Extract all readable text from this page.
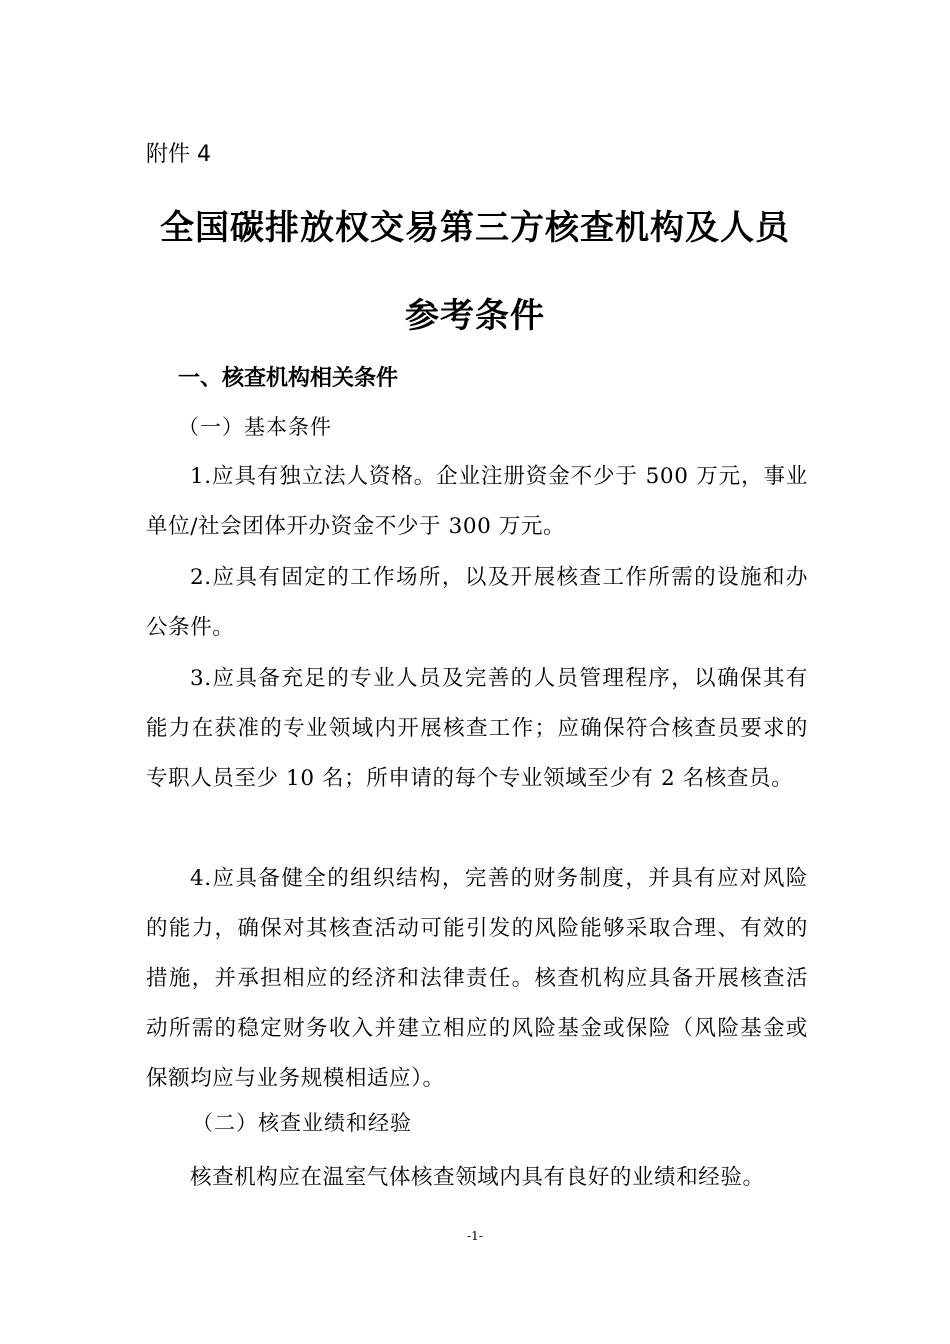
附件 4
全国碳排放权交易第三方核查机构及人员
参考条件
一、核查机构相关条件
（一）基本条件
1.应具有独立法人资格。企业注册资金不少于 500 万元，事业单位/社会团体开办资金不少于 300 万元。
2.应具有固定的工作场所，以及开展核查工作所需的设施和办公条件。
3.应具备充足的专业人员及完善的人员管理程序，以确保其有能力在获准的专业领域内开展核查工作；应确保符合核查员要求的专职人员至少 10 名；所申请的每个专业领域至少有 2 名核查员。
4.应具备健全的组织结构，完善的财务制度，并具有应对风险的能力，确保对其核查活动可能引发的风险能够采取合理、有效的措施，并承担相应的经济和法律责任。核查机构应具备开展核查活动所需的稳定财务收入并建立相应的风险基金或保险（风险基金或保额均应与业务规模相适应）。
（二）核查业绩和经验
核查机构应在温室气体核查领域内具有良好的业绩和经验。
-1-
